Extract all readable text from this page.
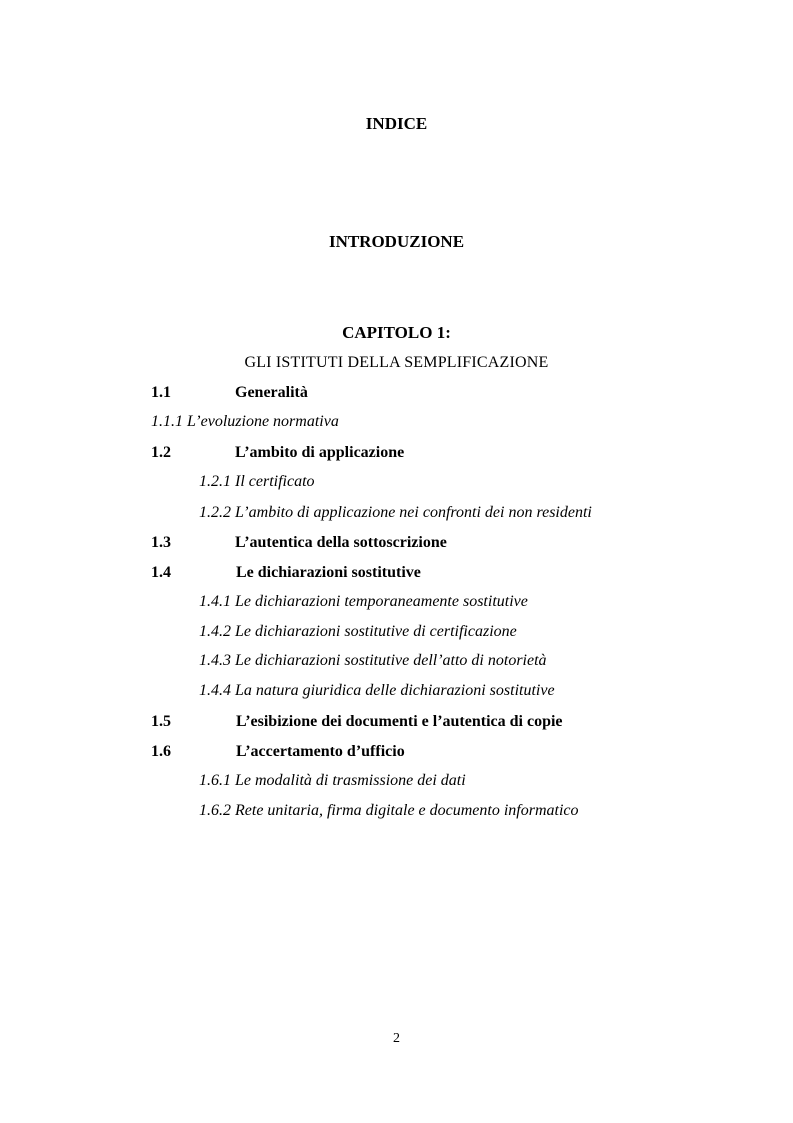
INDICE
INTRODUZIONE
CAPITOLO 1:
GLI ISTITUTI DELLA SEMPLIFICAZIONE
1.1	Generalità
1.1.1 L’evoluzione normativa
1.2	L’ambito di applicazione
1.2.1 Il certificato
1.2.2 L’ambito di applicazione nei confronti dei non residenti
1.3	L’autentica della sottoscrizione
1.4	Le dichiarazioni sostitutive
1.4.1 Le dichiarazioni temporaneamente sostitutive
1.4.2 Le dichiarazioni sostitutive di certificazione
1.4.3 Le dichiarazioni sostitutive dell’atto di notorietà
1.4.4 La natura giuridica delle dichiarazioni sostitutive
1.5	L’esibizione dei documenti e l’autentica di copie
1.6	L’accertamento d’ufficio
1.6.1 Le modalità di trasmissione dei dati
1.6.2 Rete unitaria, firma digitale e documento informatico
2
